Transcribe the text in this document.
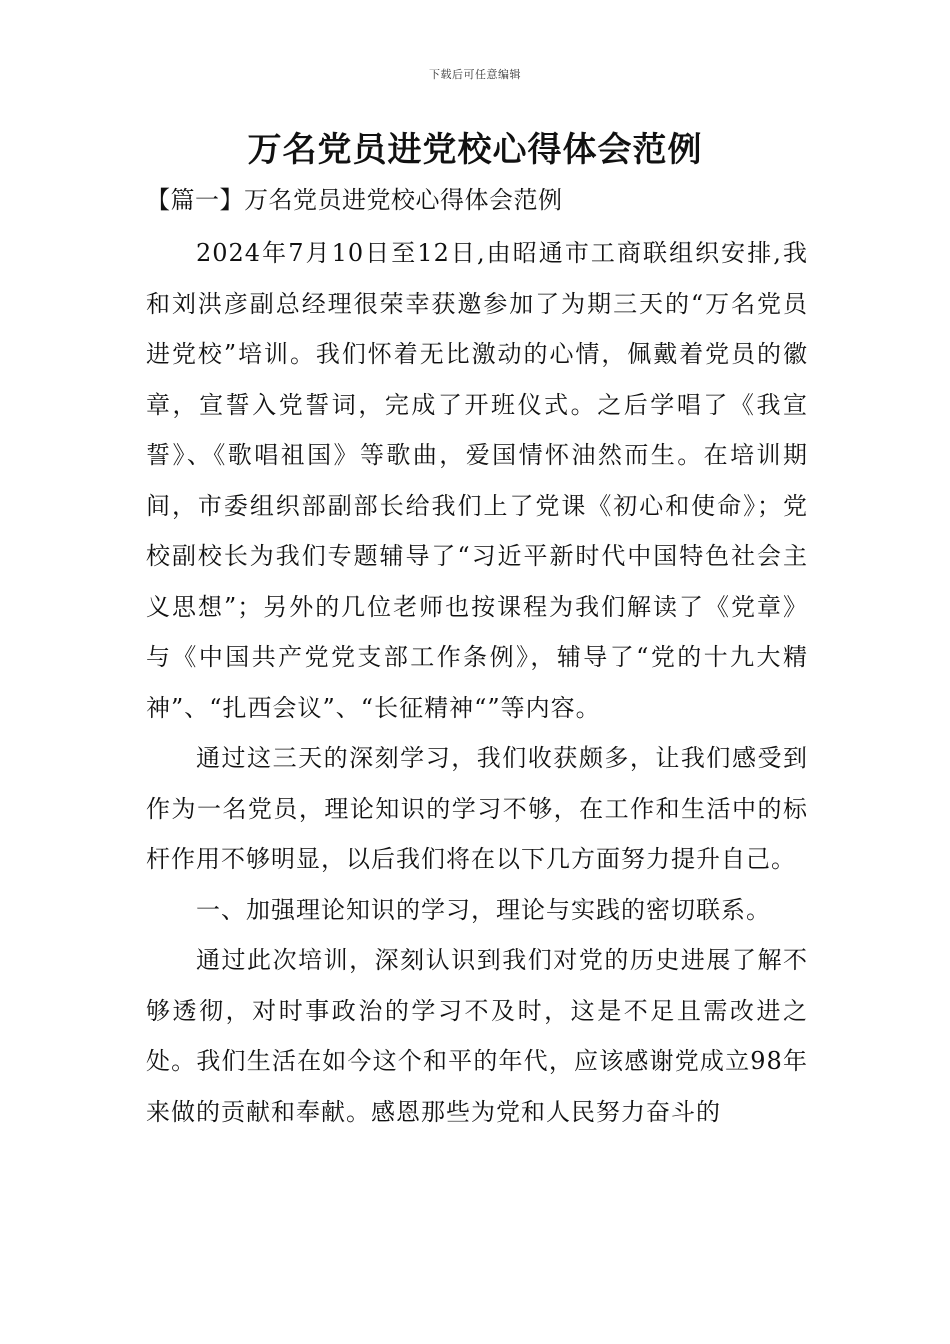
下载后可任意编辑
万名党员进党校心得体会范例
【篇一】万名党员进党校心得体会范例

2024年7月10日至12日,由昭通市工商联组织安排,我和刘洪彦副总经理很荣幸获邀参加了为期三天的“万名党员进党校”培训。我们怀着无比激动的心情，佩戴着党员的徽章，宣誓入党誓词，完成了开班仪式。之后学唱了《我宣誓》、《歌唱祖国》等歌曲，爱国情怀油然而生。在培训期间，市委组织部副部长给我们上了党课《初心和使命》；党校副校长为我们专题辅导了“习近平新时代中国特色社会主义思想”；另外的几位老师也按课程为我们解读了《党章》与《中国共产党党支部工作条例》，辅导了“党的十九大精神”、“扎西会议”、“长征精神“”等内容。

通过这三天的深刻学习，我们收获颇多，让我们感受到作为一名党员，理论知识的学习不够，在工作和生活中的标杆作用不够明显，以后我们将在以下几方面努力提升自己。

一、加强理论知识的学习，理论与实践的密切联系。

通过此次培训，深刻认识到我们对党的历史进展了解不够透彻，对时事政治的学习不及时，这是不足且需改进之处。我们生活在如今这个和平的年代，应该感谢党成立98年来做的贡献和奉献。感恩那些为党和人民努力奋斗的
